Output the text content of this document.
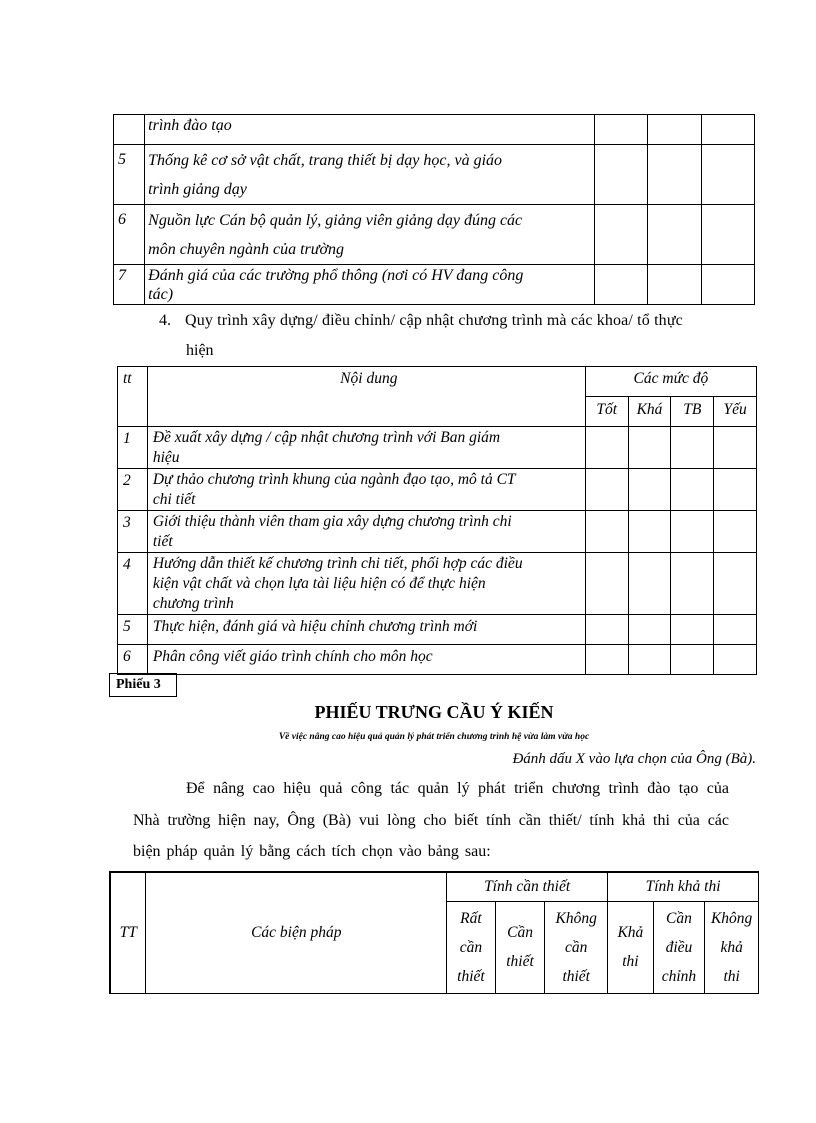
	trình đào tạo			
5	Thống kê cơ sở vật chất, trang thiết bị dạy học, và giáo
trình giảng dạy			
6	Nguồn lực Cán bộ quản lý, giảng viên giảng dạy đúng các
môn chuyên ngành của trường			
7	Đánh giá của các trường phổ thông (nơi có HV đang công
tác)			
4. Quy trình xây dựng/ điều chỉnh/ cập nhật chương trình mà các khoa/ tổ thực
hiện
tt	Nội dung	Các mức độ			
		Tốt	Khá	TB	Yếu
1	Đề xuất xây dựng / cập nhật chương trình với Ban giám
hiệu				
2	Dự thảo chương trình khung của ngành đạo tạo, mô tả CT
chi tiết				
3	Giới thiệu thành viên tham gia xây dựng chương trình chi
tiết				
4	Hướng dẫn thiết kế chương trình chi tiết, phối hợp các điều
kiện vật chất và chọn lựa tài liệu hiện có để thực hiện
chương trình				
5	Thực hiện, đánh giá và hiệu chỉnh chương trình mới				
6	Phân công viết giáo trình chính cho môn học				
Phiếu 3
PHIẾU TRƯNG CẦU Ý KIẾN
Về việc nâng cao hiệu quả quản lý phát triển chương trình hệ vừa làm vừa học
Đánh dấu X vào lựa chọn của Ông (Bà).
Để nâng cao hiệu quả công tác quản lý phát triển chương trình đào tạo của
Nhà trường hiện nay, Ông (Bà) vui lòng cho biết tính cần thiết/ tính khả thi của các
biện pháp quản lý bằng cách tích chọn vào bảng sau:
TT	Các biện pháp	Tính cần thiết			Tính khả thi		
		Rất
cần
thiết	Cần
thiết	Không
cần
thiết	Khả
thi	Cần
điều
chỉnh	Không
khả
thi
